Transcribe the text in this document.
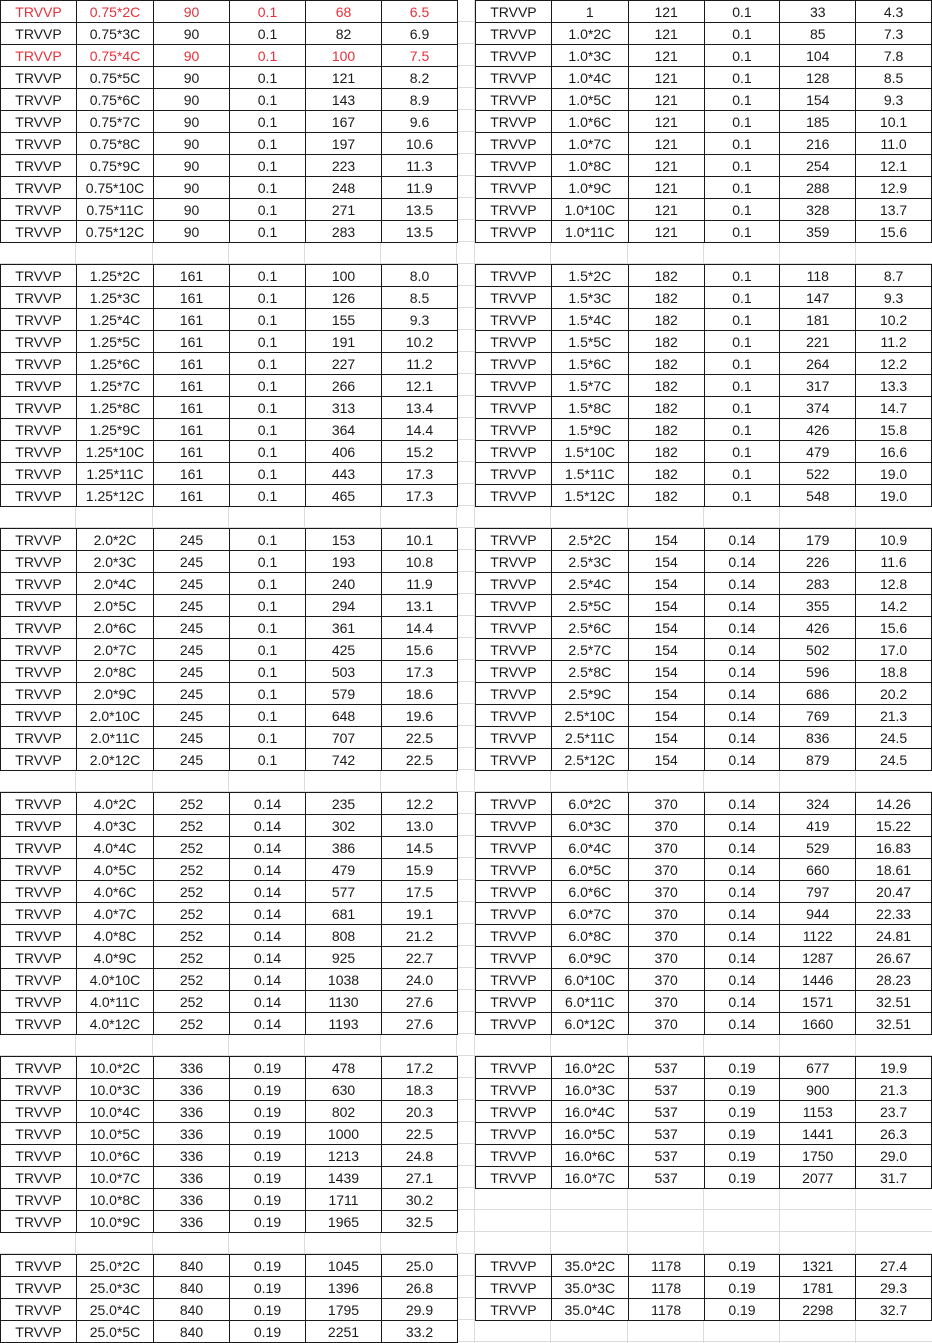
TRVVP	0.75*2C	90	0.1	68	6.5
TRVVP	0.75*3C	90	0.1	82	6.9
TRVVP	0.75*4C	90	0.1	100	7.5
TRVVP	0.75*5C	90	0.1	121	8.2
TRVVP	0.75*6C	90	0.1	143	8.9
TRVVP	0.75*7C	90	0.1	167	9.6
TRVVP	0.75*8C	90	0.1	197	10.6
TRVVP	0.75*9C	90	0.1	223	11.3
TRVVP	0.75*10C	90	0.1	248	11.9
TRVVP	0.75*11C	90	0.1	271	13.5
TRVVP	0.75*12C	90	0.1	283	13.5
TRVVP	1	121	0.1	33	4.3
TRVVP	1.0*2C	121	0.1	85	7.3
TRVVP	1.0*3C	121	0.1	104	7.8
TRVVP	1.0*4C	121	0.1	128	8.5
TRVVP	1.0*5C	121	0.1	154	9.3
TRVVP	1.0*6C	121	0.1	185	10.1
TRVVP	1.0*7C	121	0.1	216	11.0
TRVVP	1.0*8C	121	0.1	254	12.1
TRVVP	1.0*9C	121	0.1	288	12.9
TRVVP	1.0*10C	121	0.1	328	13.7
TRVVP	1.0*11C	121	0.1	359	15.6
TRVVP	1.25*2C	161	0.1	100	8.0
TRVVP	1.25*3C	161	0.1	126	8.5
TRVVP	1.25*4C	161	0.1	155	9.3
TRVVP	1.25*5C	161	0.1	191	10.2
TRVVP	1.25*6C	161	0.1	227	11.2
TRVVP	1.25*7C	161	0.1	266	12.1
TRVVP	1.25*8C	161	0.1	313	13.4
TRVVP	1.25*9C	161	0.1	364	14.4
TRVVP	1.25*10C	161	0.1	406	15.2
TRVVP	1.25*11C	161	0.1	443	17.3
TRVVP	1.25*12C	161	0.1	465	17.3
TRVVP	1.5*2C	182	0.1	118	8.7
TRVVP	1.5*3C	182	0.1	147	9.3
TRVVP	1.5*4C	182	0.1	181	10.2
TRVVP	1.5*5C	182	0.1	221	11.2
TRVVP	1.5*6C	182	0.1	264	12.2
TRVVP	1.5*7C	182	0.1	317	13.3
TRVVP	1.5*8C	182	0.1	374	14.7
TRVVP	1.5*9C	182	0.1	426	15.8
TRVVP	1.5*10C	182	0.1	479	16.6
TRVVP	1.5*11C	182	0.1	522	19.0
TRVVP	1.5*12C	182	0.1	548	19.0
TRVVP	2.0*2C	245	0.1	153	10.1
TRVVP	2.0*3C	245	0.1	193	10.8
TRVVP	2.0*4C	245	0.1	240	11.9
TRVVP	2.0*5C	245	0.1	294	13.1
TRVVP	2.0*6C	245	0.1	361	14.4
TRVVP	2.0*7C	245	0.1	425	15.6
TRVVP	2.0*8C	245	0.1	503	17.3
TRVVP	2.0*9C	245	0.1	579	18.6
TRVVP	2.0*10C	245	0.1	648	19.6
TRVVP	2.0*11C	245	0.1	707	22.5
TRVVP	2.0*12C	245	0.1	742	22.5
TRVVP	2.5*2C	154	0.14	179	10.9
TRVVP	2.5*3C	154	0.14	226	11.6
TRVVP	2.5*4C	154	0.14	283	12.8
TRVVP	2.5*5C	154	0.14	355	14.2
TRVVP	2.5*6C	154	0.14	426	15.6
TRVVP	2.5*7C	154	0.14	502	17.0
TRVVP	2.5*8C	154	0.14	596	18.8
TRVVP	2.5*9C	154	0.14	686	20.2
TRVVP	2.5*10C	154	0.14	769	21.3
TRVVP	2.5*11C	154	0.14	836	24.5
TRVVP	2.5*12C	154	0.14	879	24.5
TRVVP	4.0*2C	252	0.14	235	12.2
TRVVP	4.0*3C	252	0.14	302	13.0
TRVVP	4.0*4C	252	0.14	386	14.5
TRVVP	4.0*5C	252	0.14	479	15.9
TRVVP	4.0*6C	252	0.14	577	17.5
TRVVP	4.0*7C	252	0.14	681	19.1
TRVVP	4.0*8C	252	0.14	808	21.2
TRVVP	4.0*9C	252	0.14	925	22.7
TRVVP	4.0*10C	252	0.14	1038	24.0
TRVVP	4.0*11C	252	0.14	1130	27.6
TRVVP	4.0*12C	252	0.14	1193	27.6
TRVVP	6.0*2C	370	0.14	324	14.26
TRVVP	6.0*3C	370	0.14	419	15.22
TRVVP	6.0*4C	370	0.14	529	16.83
TRVVP	6.0*5C	370	0.14	660	18.61
TRVVP	6.0*6C	370	0.14	797	20.47
TRVVP	6.0*7C	370	0.14	944	22.33
TRVVP	6.0*8C	370	0.14	1122	24.81
TRVVP	6.0*9C	370	0.14	1287	26.67
TRVVP	6.0*10C	370	0.14	1446	28.23
TRVVP	6.0*11C	370	0.14	1571	32.51
TRVVP	6.0*12C	370	0.14	1660	32.51
TRVVP	10.0*2C	336	0.19	478	17.2
TRVVP	10.0*3C	336	0.19	630	18.3
TRVVP	10.0*4C	336	0.19	802	20.3
TRVVP	10.0*5C	336	0.19	1000	22.5
TRVVP	10.0*6C	336	0.19	1213	24.8
TRVVP	10.0*7C	336	0.19	1439	27.1
TRVVP	10.0*8C	336	0.19	1711	30.2
TRVVP	10.0*9C	336	0.19	1965	32.5
TRVVP	16.0*2C	537	0.19	677	19.9
TRVVP	16.0*3C	537	0.19	900	21.3
TRVVP	16.0*4C	537	0.19	1153	23.7
TRVVP	16.0*5C	537	0.19	1441	26.3
TRVVP	16.0*6C	537	0.19	1750	29.0
TRVVP	16.0*7C	537	0.19	2077	31.7
TRVVP	25.0*2C	840	0.19	1045	25.0
TRVVP	25.0*3C	840	0.19	1396	26.8
TRVVP	25.0*4C	840	0.19	1795	29.9
TRVVP	25.0*5C	840	0.19	2251	33.2
TRVVP	35.0*2C	1178	0.19	1321	27.4
TRVVP	35.0*3C	1178	0.19	1781	29.3
TRVVP	35.0*4C	1178	0.19	2298	32.7
